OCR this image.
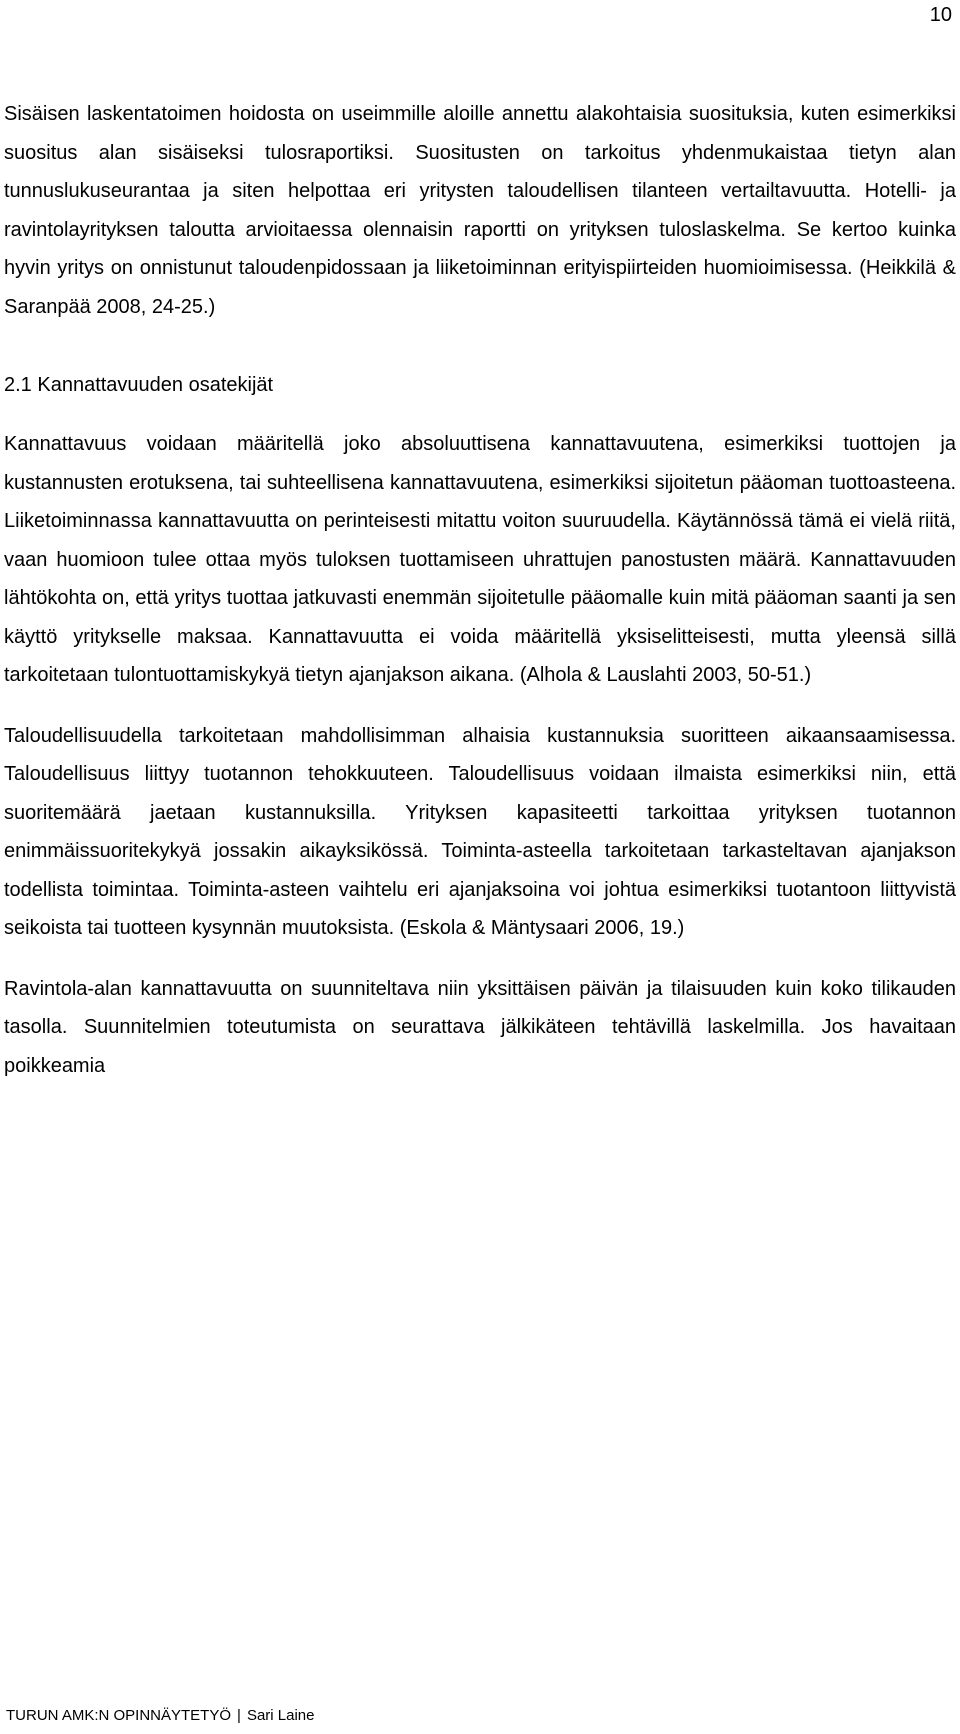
10

Sisäisen laskentatoimen hoidosta on useimmille aloille annettu alakohtaisia suosituksia, kuten esimerkiksi suositus alan sisäiseksi tulosraportiksi. Suositusten on tarkoitus yhdenmukaistaa tietyn alan tunnuslukuseurantaa ja siten helpottaa eri yritysten taloudellisen tilanteen vertailtavuutta. Hotelli- ja ravintolayrityksen taloutta arvioitaessa olennaisin raportti on yrityksen tuloslaskelma. Se kertoo kuinka hyvin yritys on onnistunut taloudenpidossaan ja liiketoiminnan erityispiirteiden huomioimisessa. (Heikkilä & Saranpää 2008, 24-25.)

2.1 Kannattavuuden osatekijät

Kannattavuus voidaan määritellä joko absoluuttisena kannattavuutena, esimerkiksi tuottojen ja kustannusten erotuksena, tai suhteellisena kannattavuutena, esimerkiksi sijoitetun pääoman tuottoasteena. Liiketoiminnassa kannattavuutta on perinteisesti mitattu voiton suuruudella. Käytännössä tämä ei vielä riitä, vaan huomioon tulee ottaa myös tuloksen tuottamiseen uhrattujen panostusten määrä. Kannattavuuden lähtökohta on, että yritys tuottaa jatkuvasti enemmän sijoitetulle pääomalle kuin mitä pääoman saanti ja sen käyttö yritykselle maksaa. Kannattavuutta ei voida määritellä yksiselitteisesti, mutta yleensä sillä tarkoitetaan tulontuottamiskykyä tietyn ajanjakson aikana. (Alhola & Lauslahti 2003, 50-51.)

Taloudellisuudella tarkoitetaan mahdollisimman alhaisia kustannuksia suoritteen aikaansaamisessa. Taloudellisuus liittyy tuotannon tehokkuuteen. Taloudellisuus voidaan ilmaista esimerkiksi niin, että suoritemäärä jaetaan kustannuksilla. Yrityksen kapasiteetti tarkoittaa yrityksen tuotannon enimmäissuoritekykyä jossakin aikayksikössä. Toiminta-asteella tarkoitetaan tarkasteltavan ajanjakson todellista toimintaa. Toiminta-asteen vaihtelu eri ajanjaksoina voi johtua esimerkiksi tuotantoon liittyvistä seikoista tai tuotteen kysynnän muutoksista. (Eskola & Mäntysaari 2006, 19.)

Ravintola-alan kannattavuutta on suunniteltava niin yksittäisen päivän ja tilaisuuden kuin koko tilikauden tasolla. Suunnitelmien toteutumista on seurattava jälkikäteen tehtävillä laskelmilla. Jos havaitaan poikkeamia

TURUN AMK:N OPINNÄYTETYÖ | Sari Laine
